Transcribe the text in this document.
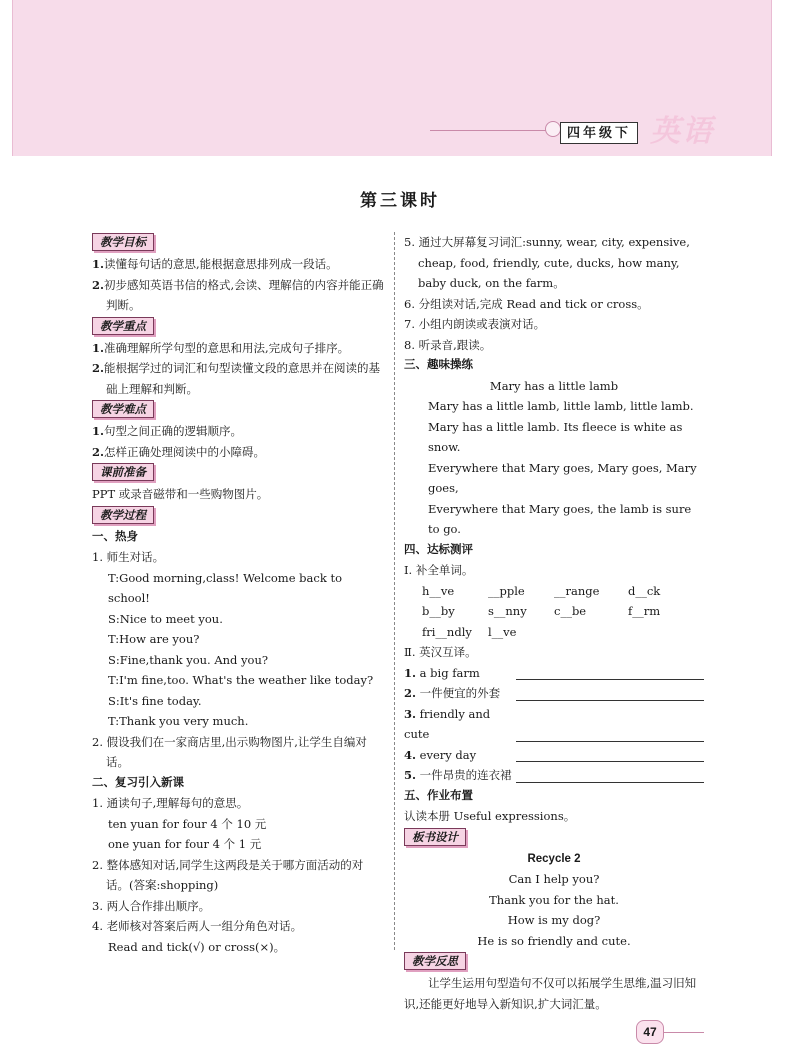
四年级下 英语
第三课时
教学目标
1.读懂每句话的意思,能根据意思排列成一段话。
2.初步感知英语书信的格式,会读、理解信的内容并能正确判断。
教学重点
1.准确理解所学句型的意思和用法,完成句子排序。
2.能根据学过的词汇和句型读懂文段的意思并在阅读的基础上理解和判断。
教学难点
1.句型之间正确的逻辑顺序。
2.怎样正确处理阅读中的小障碍。
课前准备
PPT 或录音磁带和一些购物图片。
教学过程
一、热身
1. 师生对话。
T:Good morning,class! Welcome back to school!
S:Nice to meet you.
T:How are you?
S:Fine,thank you. And you?
T:I'm fine,too. What's the weather like today?
S:It's fine today.
T:Thank you very much.
2. 假设我们在一家商店里,出示购物图片,让学生自编对话。
二、复习引入新课
1. 通读句子,理解每句的意思。
ten yuan for four 4 个 10 元
one yuan for four 4 个 1 元
2. 整体感知对话,同学生这两段是关于哪方面活动的对话。(答案:shopping)
3. 两人合作排出顺序。
4. 老师核对答案后两人一组分角色对话。
Read and tick(√) or cross(×)。
5. 通过大屏幕复习词汇:sunny, wear, city, expensive, cheap, food, friendly, cute, ducks, how many, baby duck, on the farm。
6. 分组读对话,完成 Read and tick or cross。
7. 小组内朗读或表演对话。
8. 听录音,跟读。
三、趣味操练
Mary has a little lamb
Mary has a little lamb, little lamb, little lamb.
Mary has a little lamb. Its fleece is white as snow.
Everywhere that Mary goes, Mary goes, Mary goes,
Everywhere that Mary goes, the lamb is sure to go.
四、达标测评
Ⅰ. 补全单词。
h__ve	__pple	__range	d__ck
b__by	s__nny	c__be	f__rm
fri__ndly	l__ve
Ⅱ. 英汉互译。
1. a big farm
2. 一件便宜的外套
3. friendly and cute
4. every day
5. 一件昂贵的连衣裙
五、作业布置
认读本册 Useful expressions。
板书设计
Recycle 2
Can I help you?
Thank you for the hat.
How is my dog?
He is so friendly and cute.
教学反思
让学生运用句型造句不仅可以拓展学生思维,温习旧知识,还能更好地导入新知识,扩大词汇量。
47
